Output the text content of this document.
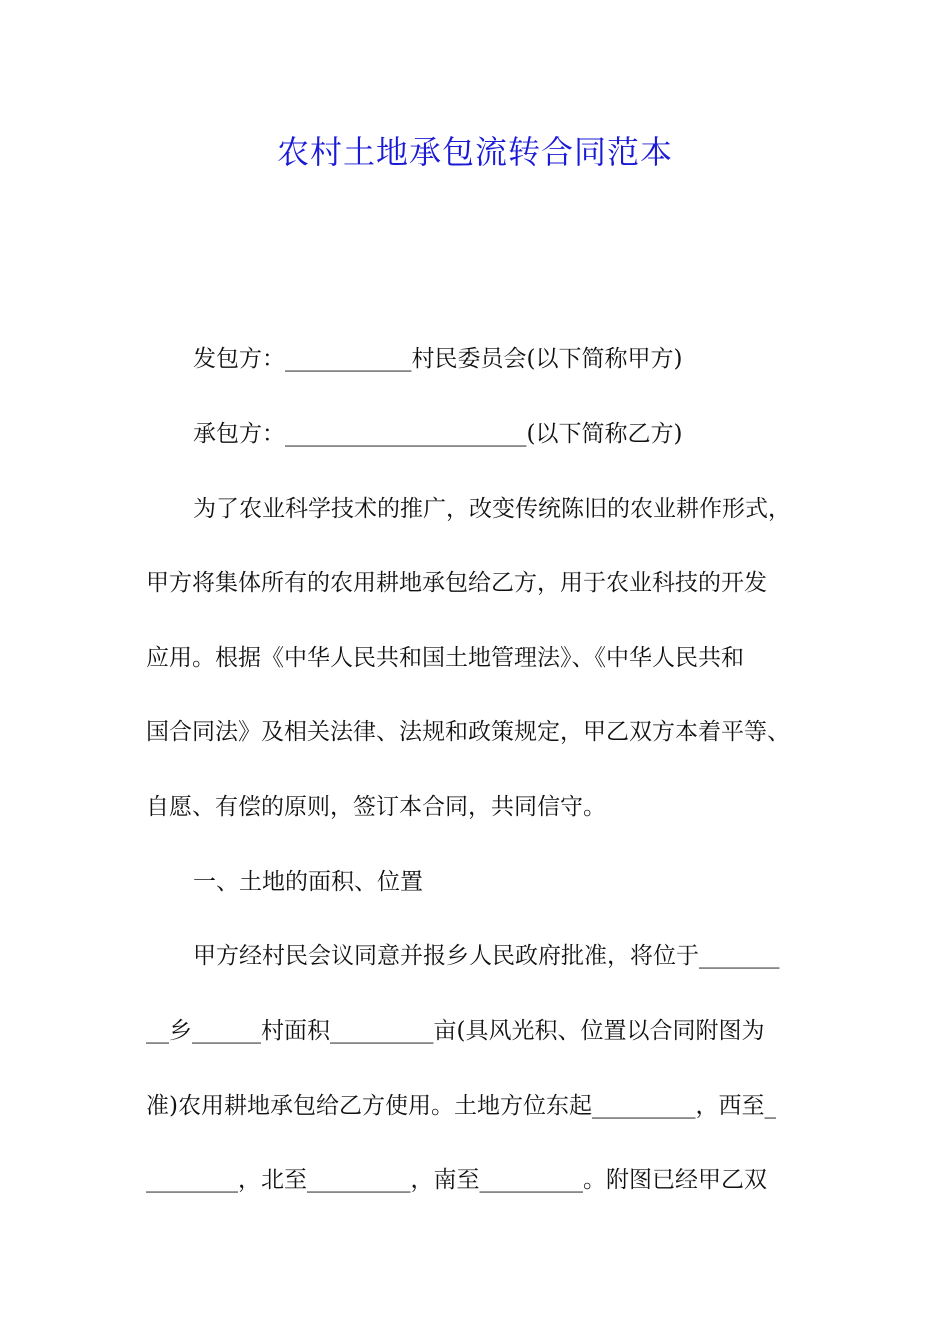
农村土地承包流转合同范本
发包方：___________村民委员会(以下简称甲方)
承包方：_____________________(以下简称乙方)
为了农业科学技术的推广，改变传统陈旧的农业耕作形式，
甲方将集体所有的农用耕地承包给乙方，用于农业科技的开发
应用。根据《中华人民共和国土地管理法》、《中华人民共和
国合同法》及相关法律、法规和政策规定，甲乙双方本着平等、
自愿、有偿的原则，签订本合同，共同信守。
一、土地的面积、位置
甲方经村民会议同意并报乡人民政府批准，将位于_______
__乡______村面积_________亩(具风光积、位置以合同附图为
准)农用耕地承包给乙方使用。土地方位东起_________，西至_
________，北至_________，南至_________。附图已经甲乙双
